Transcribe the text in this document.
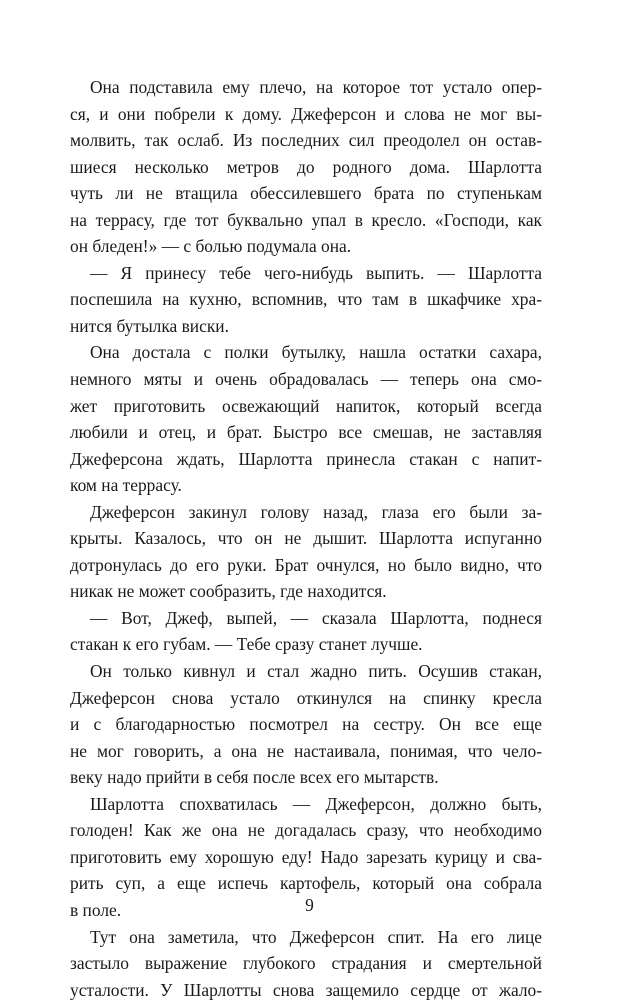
Она подставила ему плечо, на которое тот устало опер-
ся, и они побрели к дому. Джеферсон и слова не мог вы-
молвить, так ослаб. Из последних сил преодолел он остав-
шиеся несколько метров до родного дома. Шарлотта
чуть ли не втащила обессилевшего брата по ступенькам
на террасу, где тот буквально упал в кресло. «Господи, как
он бледен!» — с болью подумала она.
— Я принесу тебе чего-нибудь выпить. — Шарлотта
поспешила на кухню, вспомнив, что там в шкафчике хра-
нится бутылка виски.
Она достала с полки бутылку, нашла остатки сахара,
немного мяты и очень обрадовалась — теперь она смо-
жет приготовить освежающий напиток, который всегда
любили и отец, и брат. Быстро все смешав, не заставляя
Джеферсона ждать, Шарлотта принесла стакан с напит-
ком на террасу.
Джеферсон закинул голову назад, глаза его были за-
крыты. Казалось, что он не дышит. Шарлотта испуганно
дотронулась до его руки. Брат очнулся, но было видно, что
никак не может сообразить, где находится.
— Вот, Джеф, выпей, — сказала Шарлотта, поднеся
стакан к его губам. — Тебе сразу станет лучше.
Он только кивнул и стал жадно пить. Осушив стакан,
Джеферсон снова устало откинулся на спинку кресла
и с благодарностью посмотрел на сестру. Он все еще
не мог говорить, а она не настаивала, понимая, что чело-
веку надо прийти в себя после всех его мытарств.
Шарлотта спохватилась — Джеферсон, должно быть,
голоден! Как же она не догадалась сразу, что необходимо
приготовить ему хорошую еду! Надо зарезать курицу и сва-
рить суп, а еще испечь картофель, который она собрала
в поле.
Тут она заметила, что Джеферсон спит. На его лице
застыло выражение глубокого страдания и смертельной
усталости. У Шарлотты снова защемило сердце от жало-
9
